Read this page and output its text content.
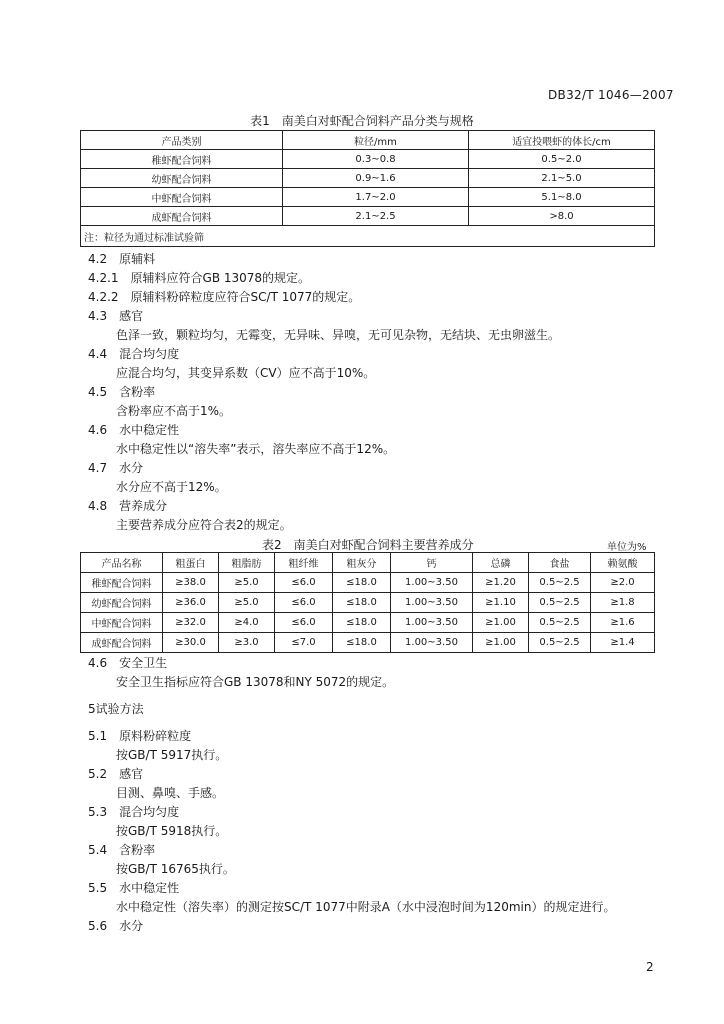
DB32/T 1046—2007
表1　南美白对虾配合饲料产品分类与规格
产品类别	粒径/mm	适宜投喂虾的体长/cm
稚虾配合饲料	0.3~0.8	0.5~2.0
幼虾配合饲料	0.9~1.6	2.1~5.0
中虾配合饲料	1.7~2.0	5.1~8.0
成虾配合饲料	2.1~2.5	>8.0
注：粒径为通过标准试验筛		
4.2　原辅料
4.2.1　原辅料应符合GB 13078的规定。
4.2.2　原辅料粉碎粒度应符合SC/T 1077的规定。
4.3　感官
色泽一致，颗粒均匀，无霉变，无异味、异嗅，无可见杂物，无结块、无虫卵滋生。
4.4　混合均匀度
应混合均匀，其变异系数（CV）应不高于10%。
4.5　含粉率
含粉率应不高于1%。
4.6　水中稳定性
水中稳定性以“溶失率”表示，溶失率应不高于12%。
4.7　水分
水分应不高于12%。
4.8　营养成分
主要营养成分应符合表2的规定。
表2　南美白对虾配合饲料主要营养成分	单位为%
产品名称	粗蛋白	粗脂肪	粗纤维	粗灰分	钙	总磷	食盐	赖氨酸
稚虾配合饲料	≥38.0	≥5.0	≤6.0	≤18.0	1.00~3.50	≥1.20	0.5~2.5	≥2.0
幼虾配合饲料	≥36.0	≥5.0	≤6.0	≤18.0	1.00~3.50	≥1.10	0.5~2.5	≥1.8
中虾配合饲料	≥32.0	≥4.0	≤6.0	≤18.0	1.00~3.50	≥1.00	0.5~2.5	≥1.6
成虾配合饲料	≥30.0	≥3.0	≤7.0	≤18.0	1.00~3.50	≥1.00	0.5~2.5	≥1.4
4.6　安全卫生
安全卫生指标应符合GB 13078和NY 5072的规定。
5试验方法
5.1　原料粉碎粒度
按GB/T 5917执行。
5.2　感官
目测、鼻嗅、手感。
5.3　混合均匀度
按GB/T 5918执行。
5.4　含粉率
按GB/T 16765执行。
5.5　水中稳定性
水中稳定性（溶失率）的测定按SC/T 1077中附录A（水中浸泡时间为120min）的规定进行。
5.6　水分
2
